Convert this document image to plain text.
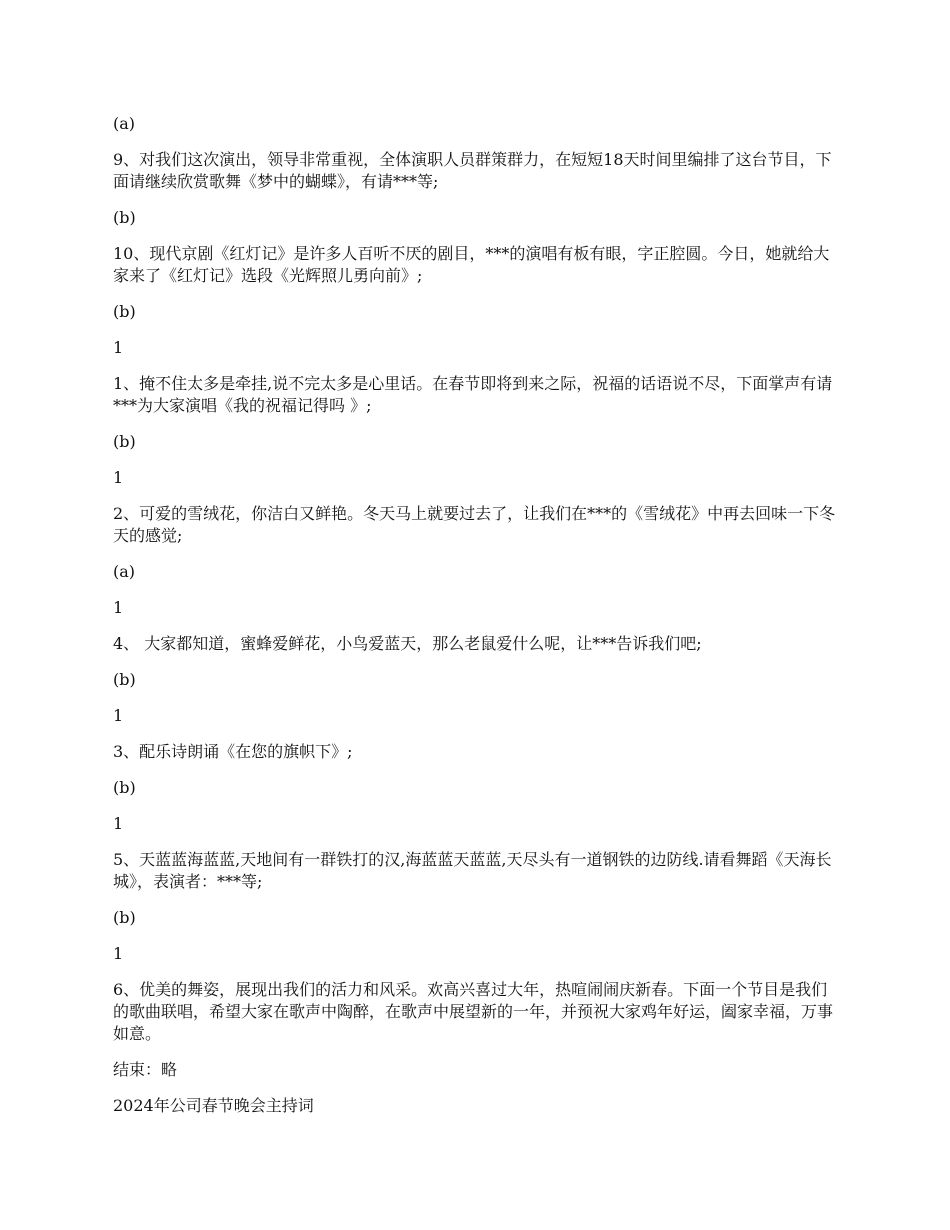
(a)

9、对我们这次演出，领导非常重视，全体演职人员群策群力，在短短18天时间里编排了这台节目，下面请继续欣赏歌舞《梦中的蝴蝶》，有请***等;

(b)

10、现代京剧《红灯记》是许多人百听不厌的剧目，***的演唱有板有眼，字正腔圆。今日，她就给大家来了《红灯记》选段《光辉照儿勇向前》;

(b)

1

1、掩不住太多是牵挂,说不完太多是心里话。在春节即将到来之际，祝福的话语说不尽，下面掌声有请***为大家演唱《我的祝福记得吗 》;

(b)

1

2、可爱的雪绒花，你洁白又鲜艳。冬天马上就要过去了，让我们在***的《雪绒花》中再去回味一下冬天的感觉;

(a)

1

4、 大家都知道，蜜蜂爱鲜花，小鸟爱蓝天，那么老鼠爱什么呢，让***告诉我们吧;

(b)

1

3、配乐诗朗诵《在您的旗帜下》;

(b)

1

5、天蓝蓝海蓝蓝,天地间有一群铁打的汉,海蓝蓝天蓝蓝,天尽头有一道钢铁的边防线.请看舞蹈《天海长城》，表演者：***等;

(b)

1

6、优美的舞姿，展现出我们的活力和风采。欢高兴喜过大年，热喧闹闹庆新春。下面一个节目是我们的歌曲联唱，希望大家在歌声中陶醉，在歌声中展望新的一年，并预祝大家鸡年好运，阖家幸福，万事如意。

结束：略

2024年公司春节晚会主持词
